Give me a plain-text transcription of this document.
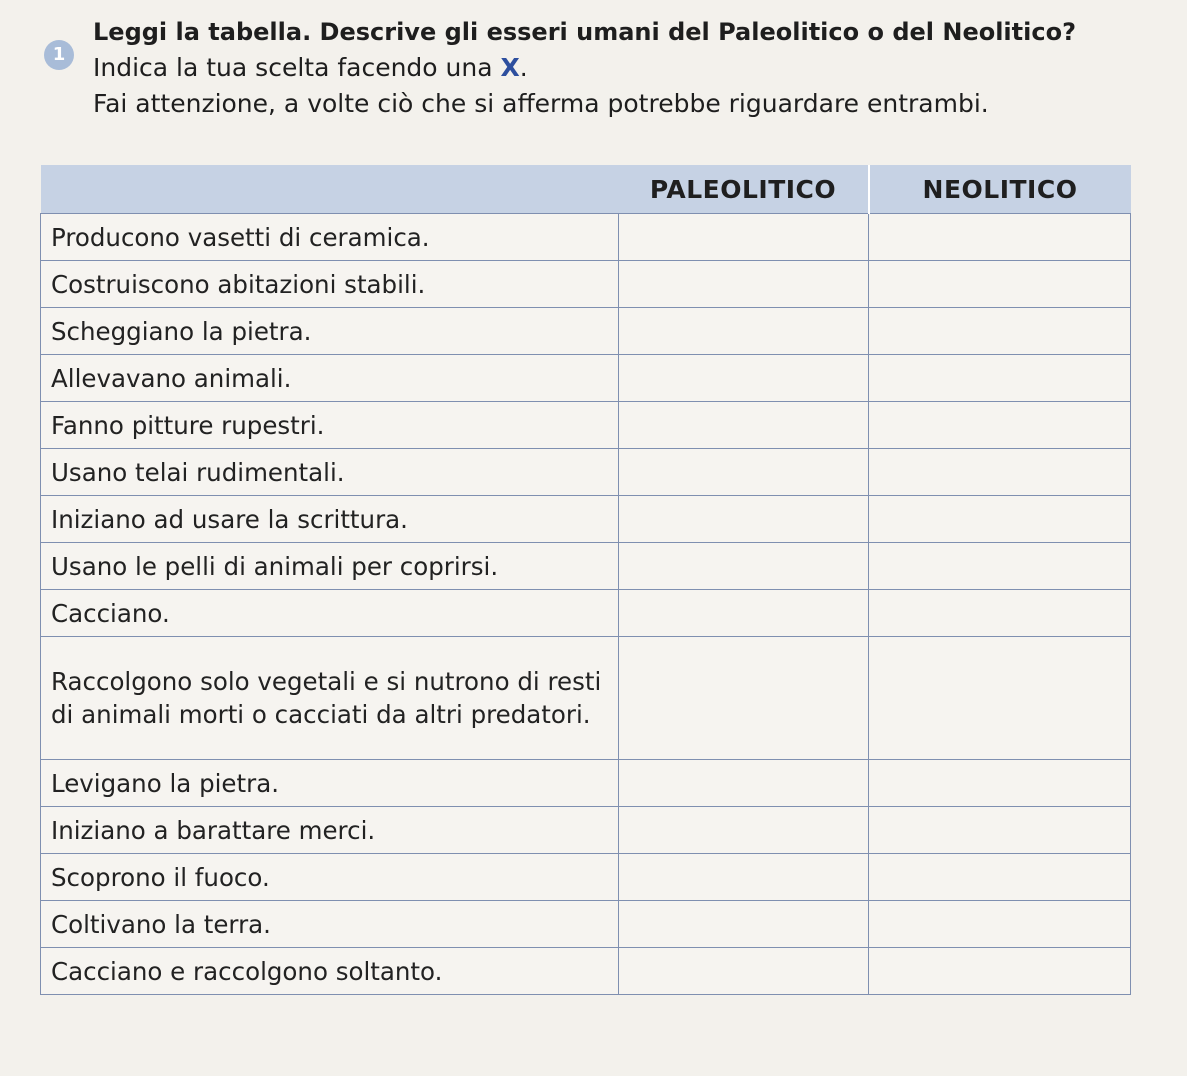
1
Leggi la tabella. Descrive gli esseri umani del Paleolitico o del Neolitico?
Indica la tua scelta facendo una X.
Fai attenzione, a volte ciò che si afferma potrebbe riguardare entrambi.
	PALEOLITICO	NEOLITICO
Producono vasetti di ceramica.		
Costruiscono abitazioni stabili.		
Scheggiano la pietra.		
Allevavano animali.		
Fanno pitture rupestri.		
Usano telai rudimentali.		
Iniziano ad usare la scrittura.		
Usano le pelli di animali per coprirsi.		
Cacciano.		
Raccolgono solo vegetali e si nutrono di resti di animali morti o cacciati da altri predatori.		
Levigano la pietra.		
Iniziano a barattare merci.		
Scoprono il fuoco.		
Coltivano la terra.		
Cacciano e raccolgono soltanto.		
